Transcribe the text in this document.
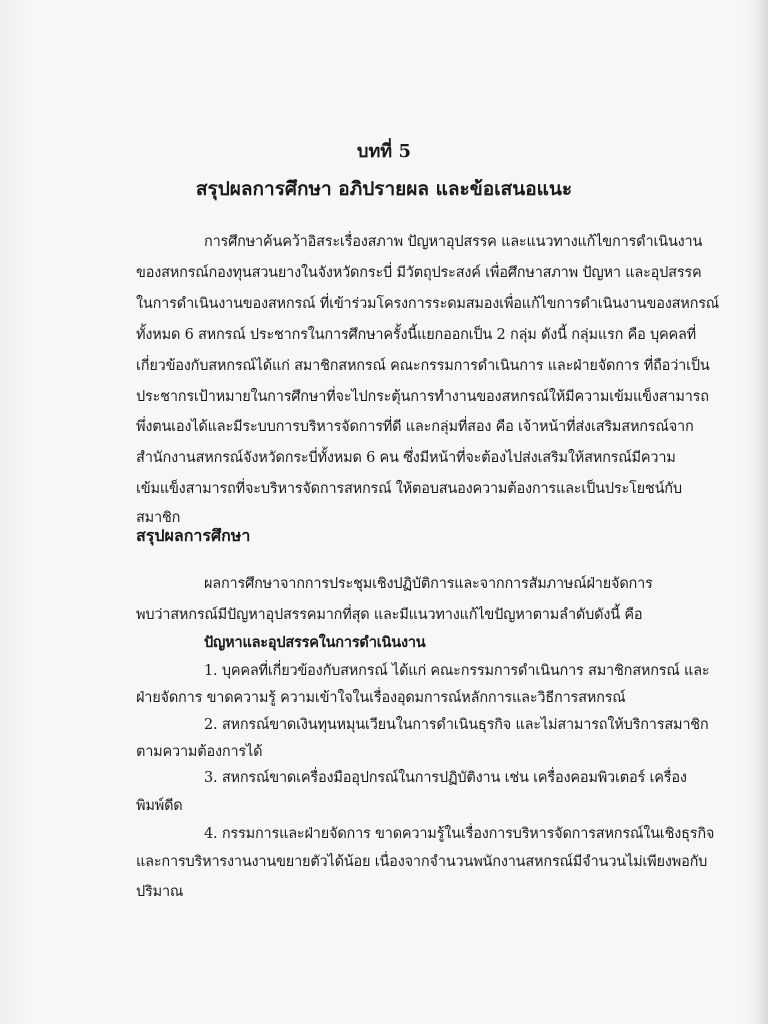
บทที่ 5
สรุปผลการศึกษา อภิปรายผล และข้อเสนอแนะ
การศึกษาค้นคว้าอิสระเรื่องสภาพ ปัญหาอุปสรรค และแนวทางแก้ไขการดำเนินงาน
ของสหกรณ์กองทุนสวนยางในจังหวัดกระบี่ มีวัตถุประสงค์ เพื่อศึกษาสภาพ ปัญหา และอุปสรรค
ในการดำเนินงานของสหกรณ์ ที่เข้าร่วมโครงการระดมสมองเพื่อแก้ไขการดำเนินงานของสหกรณ์
ทั้งหมด 6 สหกรณ์ ประชากรในการศึกษาครั้งนี้แยกออกเป็น 2 กลุ่ม ดังนี้ กลุ่มแรก คือ บุคคลที่
เกี่ยวข้องกับสหกรณ์ได้แก่ สมาชิกสหกรณ์ คณะกรรมการดำเนินการ และฝ่ายจัดการ ที่ถือว่าเป็น
ประชากรเป้าหมายในการศึกษาที่จะไปกระตุ้นการทำงานของสหกรณ์ให้มีความเข้มแข็งสามารถ
พึ่งตนเองได้และมีระบบการบริหารจัดการที่ดี และกลุ่มที่สอง คือ เจ้าหน้าที่ส่งเสริมสหกรณ์จาก
สำนักงานสหกรณ์จังหวัดกระบี่ทั้งหมด 6 คน ซึ่งมีหน้าที่จะต้องไปส่งเสริมให้สหกรณ์มีความ
เข้มแข็งสามารถที่จะบริหารจัดการสหกรณ์ ให้ตอบสนองความต้องการและเป็นประโยชน์กับ
สมาชิก
สรุปผลการศึกษา
ผลการศึกษาจากการประชุมเชิงปฏิบัติการและจากการสัมภาษณ์ฝ่ายจัดการ
พบว่าสหกรณ์มีปัญหาอุปสรรคมากที่สุด และมีแนวทางแก้ไขปัญหาตามลำดับดังนี้ คือ
ปัญหาและอุปสรรคในการดำเนินงาน
1. บุคคลที่เกี่ยวข้องกับสหกรณ์ ได้แก่ คณะกรรมการดำเนินการ สมาชิกสหกรณ์ และ
ฝ่ายจัดการ ขาดความรู้ ความเข้าใจในเรื่องอุดมการณ์หลักการและวิธีการสหกรณ์
2. สหกรณ์ขาดเงินทุนหมุนเวียนในการดำเนินธุรกิจ และไม่สามารถให้บริการสมาชิก
ตามความต้องการได้
3. สหกรณ์ขาดเครื่องมืออุปกรณ์ในการปฏิบัติงาน เช่น เครื่องคอมพิวเตอร์ เครื่อง
พิมพ์ดีด
4. กรรมการและฝ่ายจัดการ ขาดความรู้ในเรื่องการบริหารจัดการสหกรณ์ในเชิงธุรกิจ
และการบริหารงานงานขยายตัวได้น้อย เนื่องจากจำนวนพนักงานสหกรณ์มีจำนวนไม่เพียงพอกับ
ปริมาณ
